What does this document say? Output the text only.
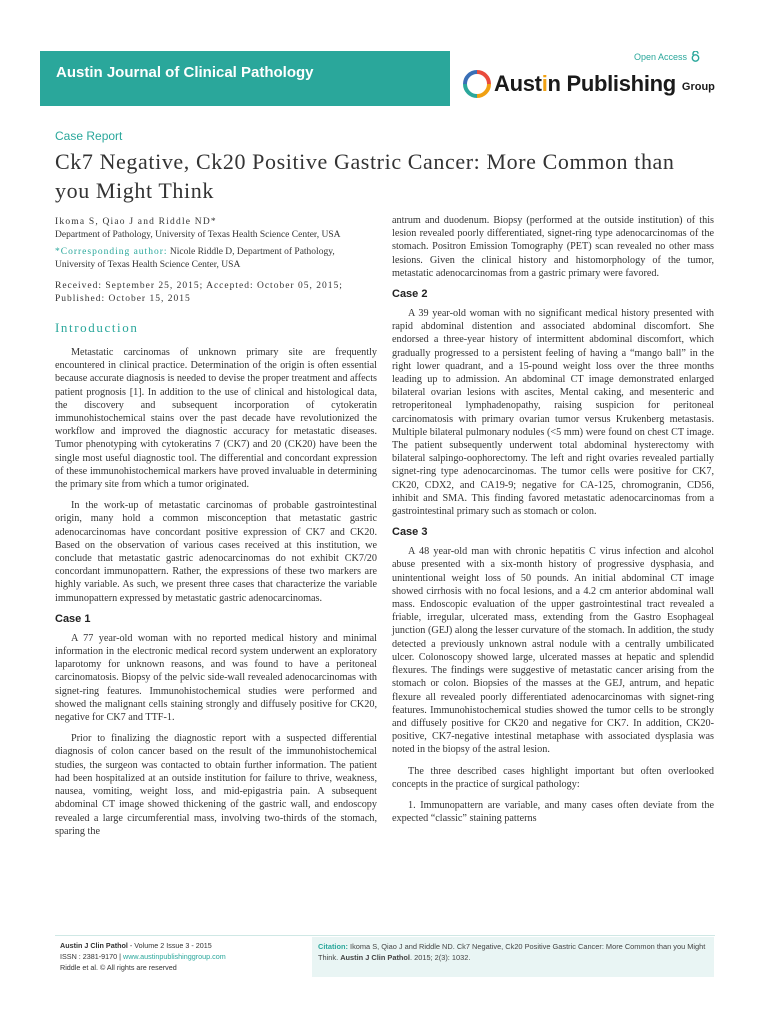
Open Access
Austin Journal of Clinical Pathology	Austin Publishing Group
Case Report
Ck7 Negative, Ck20 Positive Gastric Cancer: More Common than you Might Think

Ikoma S, Qiao J and Riddle ND*

Department of Pathology, University of Texas Health Science Center, USA

*Corresponding author: Nicole Riddle D, Department of Pathology, University of Texas Health Science Center, USA

Received: September 25, 2015; Accepted: October 05, 2015; Published: October 15, 2015

Introduction

Metastatic carcinomas of unknown primary site are frequently encountered in clinical practice. Determination of the origin is often essential because accurate diagnosis is needed to devise the proper treatment and affects patient prognosis [1]. In addition to the use of clinical and histological data, the discovery and subsequent incorporation of cytokeratin immunohistochemical stains over the past decade have revolutionized the workflow and improved the diagnostic accuracy for metastatic diseases. Tumor phenotyping with cytokeratins 7 (CK7) and 20 (CK20) have been the single most useful diagnostic tool. The differential and concordant expression of these immunohistochemical markers have proved invaluable in determining the primary site from which a tumor originated.

In the work-up of metastatic carcinomas of probable gastrointestinal origin, many hold a common misconception that metastatic gastric adenocarcinomas have concordant positive expression of CK7 and CK20. Based on the observation of various cases received at this institution, we conclude that metastatic gastric adenocarcinomas do not exhibit CK7/20 concordant immunopattern. Rather, the expressions of these two markers are highly variable. As such, we present three cases that characterize the variable immunopattern expressed by metastatic gastric adenocarcinomas.

Case 1

A 77 year-old woman with no reported medical history and minimal information in the electronic medical record system underwent an exploratory laparotomy for unknown reasons, and was found to have a peritoneal carcinomatosis. Biopsy of the pelvic side-wall revealed adenocarcinomas with signet-ring features. Immunohistochemical studies were performed and showed the malignant cells staining strongly and diffusely positive for CK20, negative for CK7 and TTF-1.

Prior to finalizing the diagnostic report with a suspected differential diagnosis of colon cancer based on the result of the immunohistochemical studies, the surgeon was contacted to obtain further information. The patient had been hospitalized at an outside institution for failure to thrive, weakness, nausea, vomiting, weight loss, and mid-epigastria pain. A subsequent abdominal CT image showed thickening of the gastric wall, and endoscopy revealed a large circumferential mass, involving two-thirds of the stomach, sparing the

antrum and duodenum. Biopsy (performed at the outside institution) of this lesion revealed poorly differentiated, signet-ring type adenocarcinomas of the stomach. Positron Emission Tomography (PET) scan revealed no other mass lesions. Given the clinical history and histomorphology of the tumor, metastatic adenocarcinomas from a gastric primary were favored.

Case 2

A 39 year-old woman with no significant medical history presented with rapid abdominal distention and associated abdominal discomfort. She endorsed a three-year history of intermittent abdominal discomfort, which gradually progressed to a persistent feeling of having a “mango ball” in the right lower quadrant, and a 15-pound weight loss over the three months leading up to admission. An abdominal CT image demonstrated enlarged bilateral ovarian lesions with ascites, Mental caking, and mesenteric and retroperitoneal lymphadenopathy, raising suspicion for peritoneal carcinomatosis with primary ovarian tumor versus Krukenberg metastasis. Multiple bilateral pulmonary nodules (<5 mm) were found on chest CT image. The patient subsequently underwent total abdominal hysterectomy with bilateral salpingo-oophorectomy. The left and right ovaries revealed partially signet-ring type adenocarcinomas. The tumor cells were positive for CK7, CK20, CDX2, and CA19-9; negative for CA-125, chromogranin, CD56, inhibit and SMA. This finding favored metastatic adenocarcinomas from a gastrointestinal primary such as stomach or colon.

Case 3

A 48 year-old man with chronic hepatitis C virus infection and alcohol abuse presented with a six-month history of progressive dysphasia, and unintentional weight loss of 50 pounds. An initial abdominal CT image showed cirrhosis with no focal lesions, and a 4.2 cm anterior abdominal wall mass. Endoscopic evaluation of the upper gastrointestinal tract revealed a friable, irregular, ulcerated mass, extending from the Gastro Esophageal junction (GEJ) along the lesser curvature of the stomach. In addition, the study detected a previously unknown astral nodule with a centrally umbilicated ulcer. Colonoscopy showed large, ulcerated masses at hepatic and splendid flexures. The findings were suggestive of metastatic cancer arising from the stomach or colon. Biopsies of the masses at the GEJ, antrum, and hepatic flexure all revealed poorly differentiated adenocarcinomas with signet-ring features. Immunohistochemical studies showed the tumor cells to be strongly and diffusely positive for CK20 and negative for CK7. In addition, CK20-positive, CK7-negative intestinal metaphase with associated dysplasia was noted in the biopsy of the astral lesion.

The three described cases highlight important but often overlooked concepts in the practice of surgical pathology:

1. Immunopattern are variable, and many cases often deviate from the expected “classic” staining patterns

Austin J Clin Pathol - Volume 2 Issue 3 - 2015
ISSN : 2381-9170 | www.austinpublishinggroup.com
Riddle et al. © All rights are reserved
Citation: Ikoma S, Qiao J and Riddle ND. Ck7 Negative, Ck20 Positive Gastric Cancer: More Common than you Might Think. Austin J Clin Pathol. 2015; 2(3): 1032.
